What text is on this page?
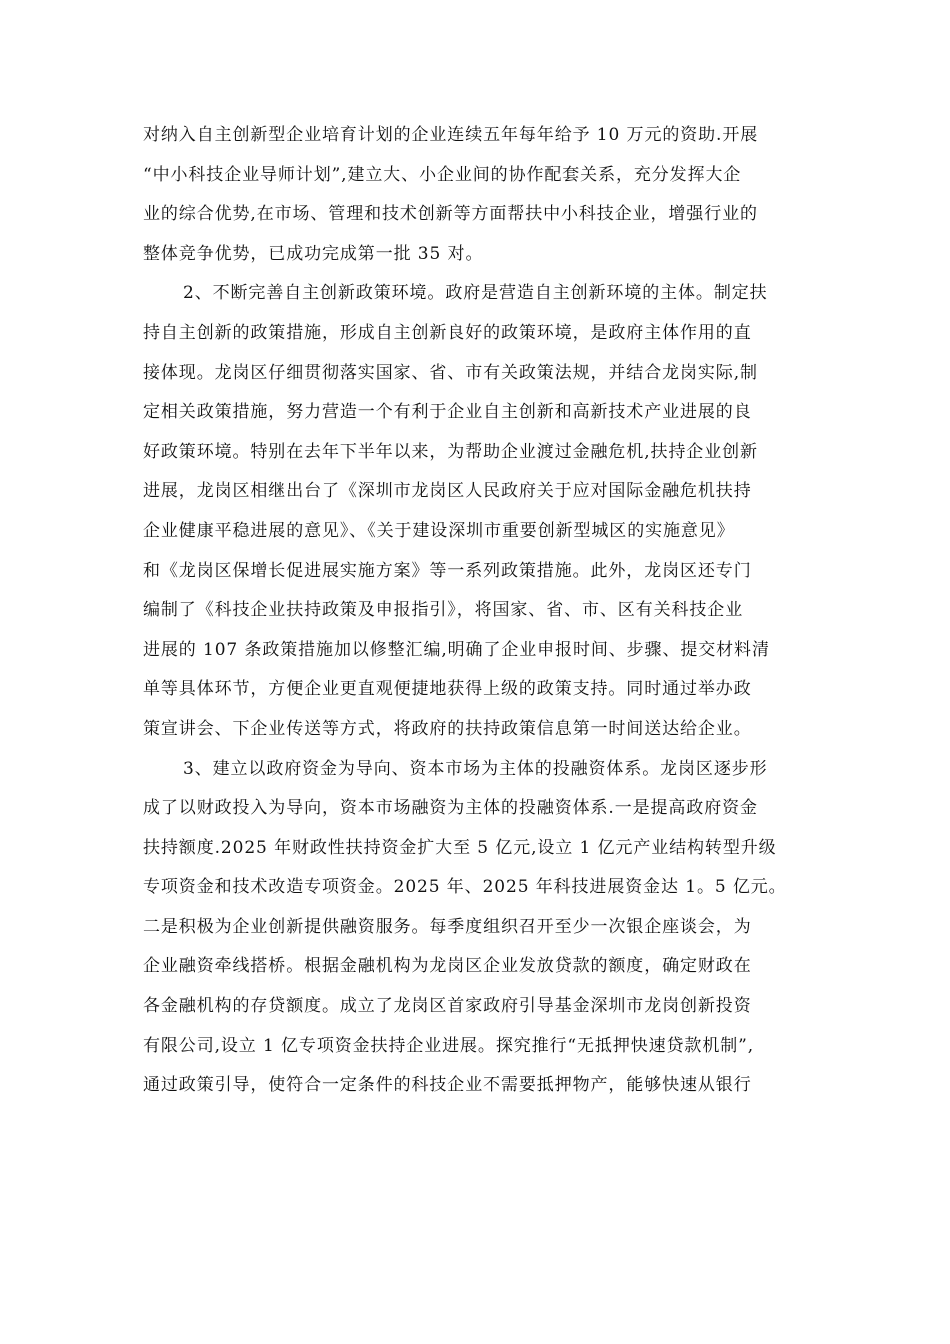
对纳入自主创新型企业培育计划的企业连续五年每年给予 10 万元的资助.开展
“中小科技企业导师计划”,建立大、小企业间的协作配套关系，充分发挥大企
业的综合优势,在市场、管理和技术创新等方面帮扶中小科技企业，增强行业的
整体竞争优势，已成功完成第一批 35 对。
2、不断完善自主创新政策环境。政府是营造自主创新环境的主体。制定扶
持自主创新的政策措施，形成自主创新良好的政策环境，是政府主体作用的直
接体现。龙岗区仔细贯彻落实国家、省、市有关政策法规，并结合龙岗实际,制
定相关政策措施，努力营造一个有利于企业自主创新和高新技术产业进展的良
好政策环境。特别在去年下半年以来，为帮助企业渡过金融危机,扶持企业创新
进展，龙岗区相继出台了《深圳市龙岗区人民政府关于应对国际金融危机扶持
企业健康平稳进展的意见》、《关于建设深圳市重要创新型城区的实施意见》
和《龙岗区保增长促进展实施方案》等一系列政策措施。此外，龙岗区还专门
编制了《科技企业扶持政策及申报指引》，将国家、省、市、区有关科技企业
进展的 107 条政策措施加以修整汇编,明确了企业申报时间、步骤、提交材料清
单等具体环节，方便企业更直观便捷地获得上级的政策支持。同时通过举办政
策宣讲会、下企业传送等方式，将政府的扶持政策信息第一时间送达给企业。
3、建立以政府资金为导向、资本市场为主体的投融资体系。龙岗区逐步形
成了以财政投入为导向，资本市场融资为主体的投融资体系.一是提高政府资金
扶持额度.2025 年财政性扶持资金扩大至 5 亿元,设立 1 亿元产业结构转型升级
专项资金和技术改造专项资金。2025 年、2025 年科技进展资金达 1。5 亿元。
二是积极为企业创新提供融资服务。每季度组织召开至少一次银企座谈会，为
企业融资牵线搭桥。根据金融机构为龙岗区企业发放贷款的额度，确定财政在
各金融机构的存贷额度。成立了龙岗区首家政府引导基金深圳市龙岗创新投资
有限公司,设立 1 亿专项资金扶持企业进展。探究推行“无抵押快速贷款机制”,
通过政策引导，使符合一定条件的科技企业不需要抵押物产，能够快速从银行
